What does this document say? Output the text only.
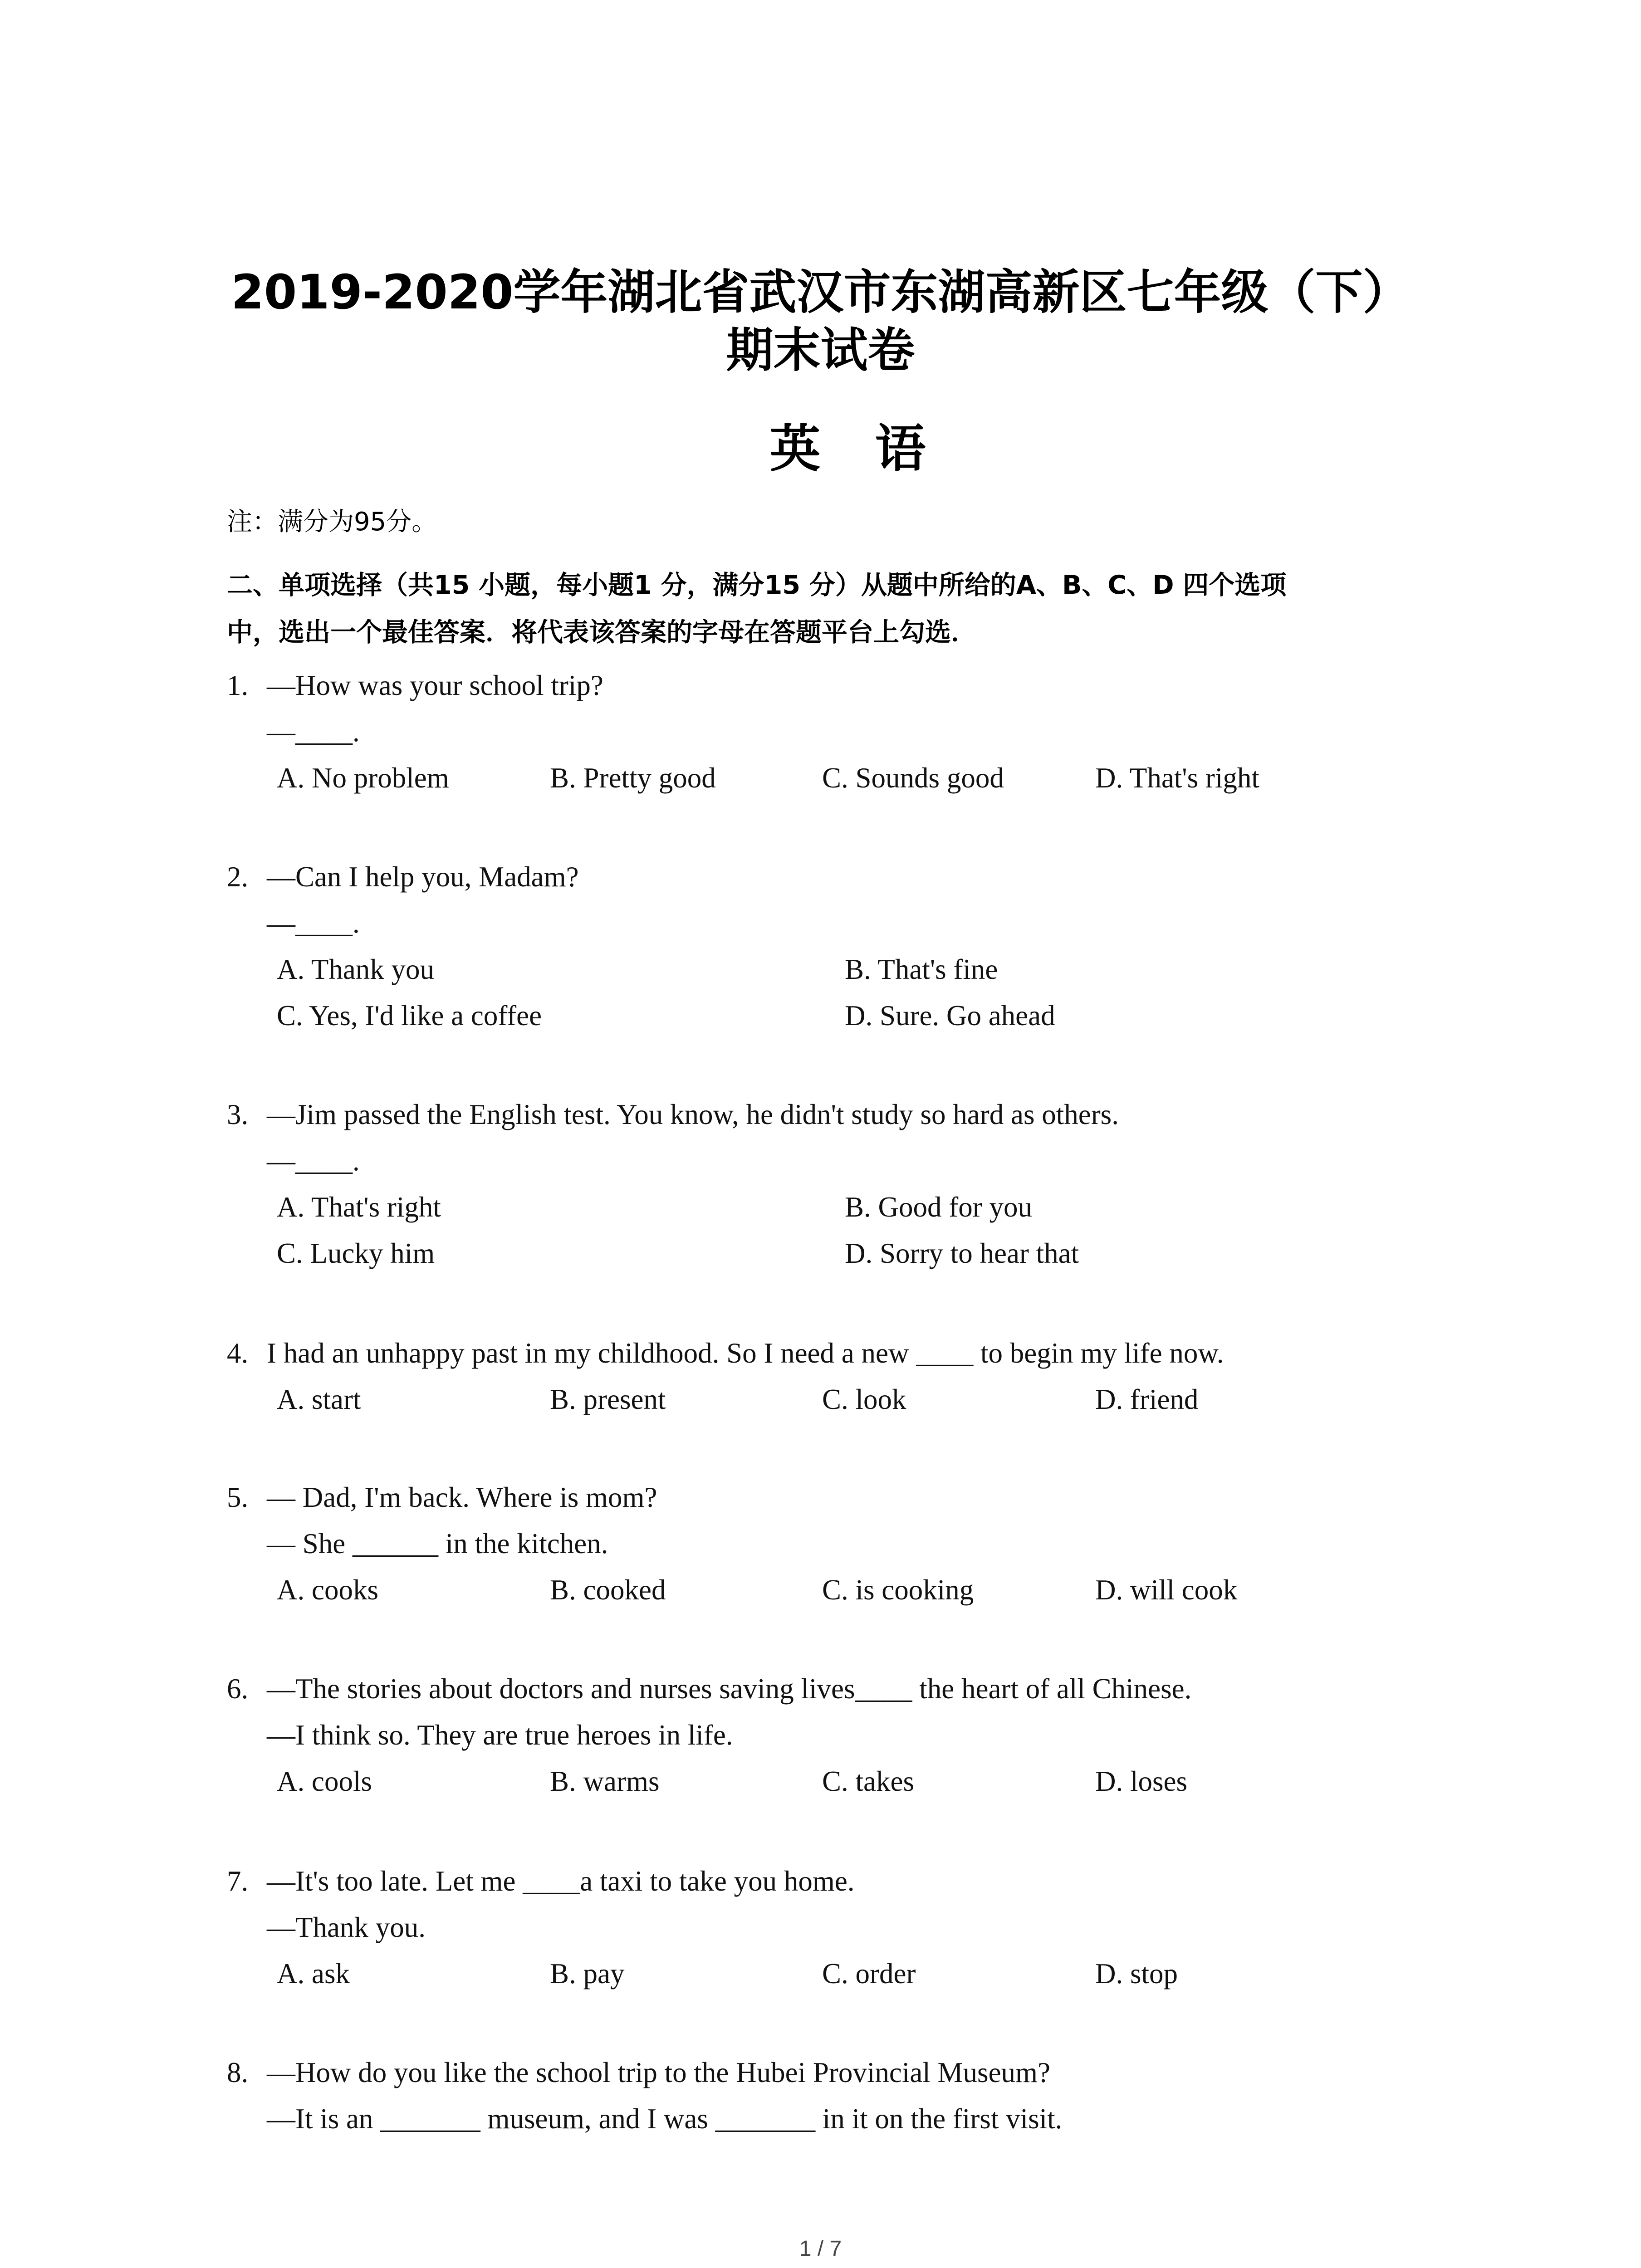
2019-2020学年湖北省武汉市东湖高新区七年级（下）
期末试卷
英语
注：满分为95分。
二、单项选择（共15 小题，每小题1 分，满分15 分）从题中所给的A、B、C、D 四个选项
中，选出一个最佳答案．将代表该答案的字母在答题平台上勾选．
1. —How was your school trip?
—____.
A. No problem	B. Pretty good	C. Sounds good	D. That's right
2. —Can I help you, Madam?
—____.
A. Thank you	B. That's fine
C. Yes, I'd like a coffee	D. Sure. Go ahead
3. —Jim passed the English test. You know, he didn't study so hard as others.
—____.
A. That's right	B. Good for you
C. Lucky him	D. Sorry to hear that
4. I had an unhappy past in my childhood. So I need a new ____ to begin my life now.
A. start	B. present	C. look	D. friend
5. — Dad, I'm back. Where is mom?
— She ______ in the kitchen.
A. cooks	B. cooked	C. is cooking	D. will cook
6. —The stories about doctors and nurses saving lives____ the heart of all Chinese.
—I think so. They are true heroes in life.
A. cools	B. warms	C. takes	D. loses
7. —It's too late. Let me ____a taxi to take you home.
—Thank you.
A. ask	B. pay	C. order	D. stop
8. —How do you like the school trip to the Hubei Provincial Museum?
—It is an _______ museum, and I was _______ in it on the first visit.
1 / 7
